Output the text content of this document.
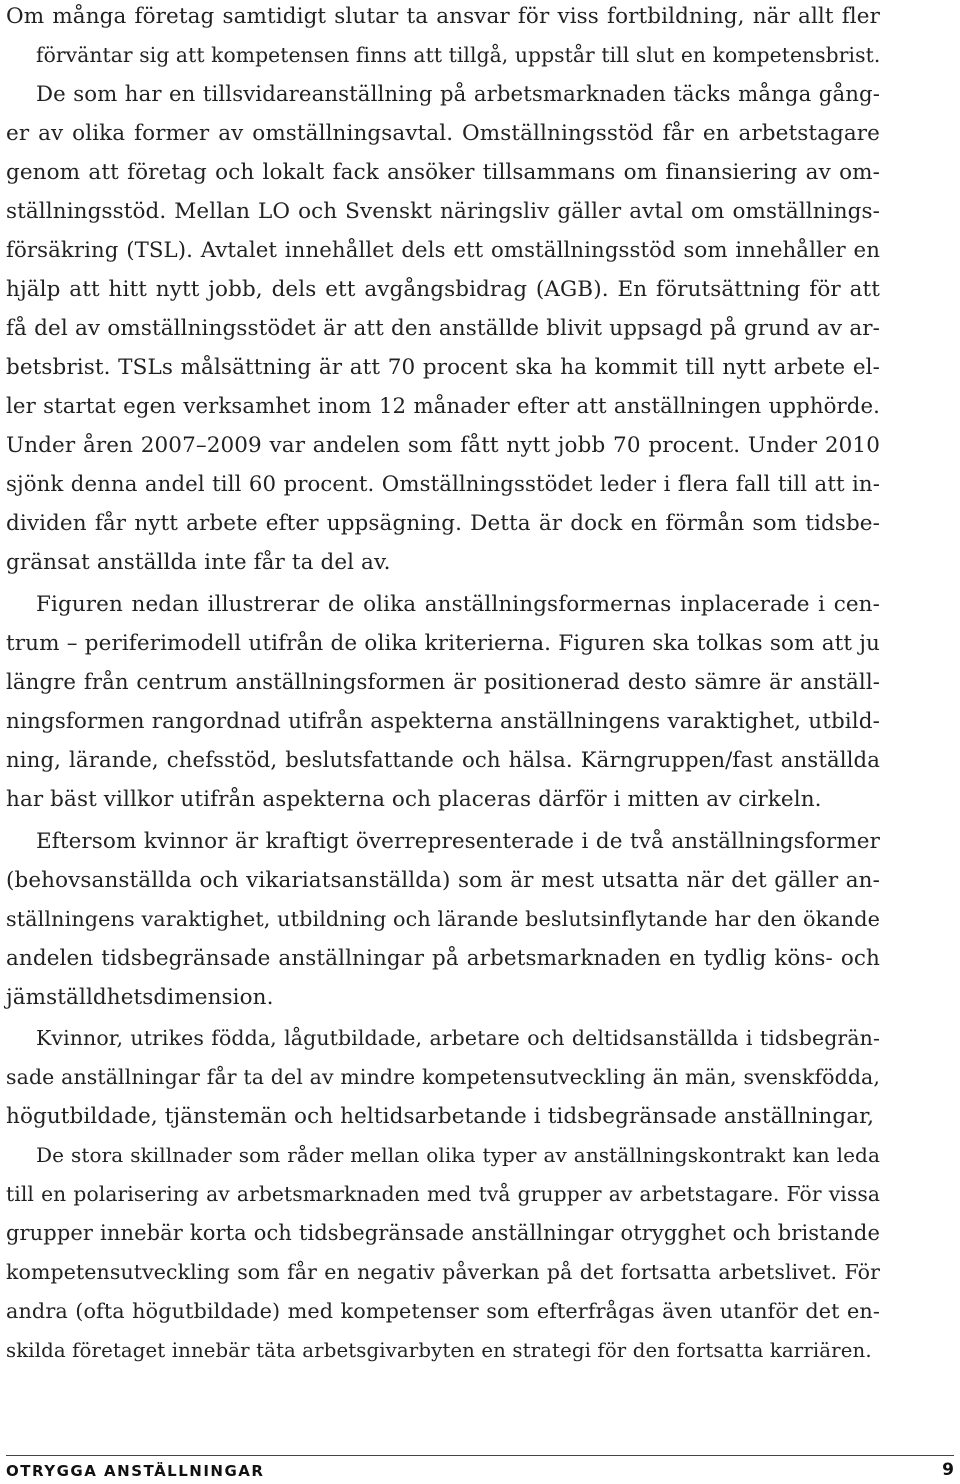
Om många företag samtidigt slutar ta ansvar för viss fortbildning, när allt fler
förväntar sig att kompetensen finns att tillgå, uppstår till slut en kompetensbrist.
De som har en tillsvidareanställning på arbetsmarknaden täcks många gång-
er av olika former av omställningsavtal. Omställningsstöd får en arbetstagare
genom att företag och lokalt fack ansöker tillsammans om finansiering av om-
ställningsstöd. Mellan LO och Svenskt näringsliv gäller avtal om omställnings-
försäkring (TSL). Avtalet innehållet dels ett omställningsstöd som innehåller en
hjälp att hitt nytt jobb, dels ett avgångsbidrag (AGB). En förutsättning för att
få del av omställningsstödet är att den anställde blivit uppsagd på grund av ar-
betsbrist. TSLs målsättning är att 70 procent ska ha kommit till nytt arbete el-
ler startat egen verksamhet inom 12 månader efter att anställningen upphörde.
Under åren 2007–2009 var andelen som fått nytt jobb 70 procent. Under 2010
sjönk denna andel till 60 procent. Omställningsstödet leder i flera fall till att in-
dividen får nytt arbete efter uppsägning. Detta är dock en förmån som tidsbe-
gränsat anställda inte får ta del av.
Figuren nedan illustrerar de olika anställningsformernas inplacerade i cen-
trum – periferimodell utifrån de olika kriterierna. Figuren ska tolkas som att ju
längre från centrum anställningsformen är positionerad desto sämre är anställ-
ningsformen rangordnad utifrån aspekterna anställningens varaktighet, utbild-
ning, lärande, chefsstöd, beslutsfattande och hälsa. Kärngruppen/fast anställda
har bäst villkor utifrån aspekterna och placeras därför i mitten av cirkeln.
Eftersom kvinnor är kraftigt överrepresenterade i de två anställningsformer
(behovsanställda och vikariatsanställda) som är mest utsatta när det gäller an-
ställningens varaktighet, utbildning och lärande beslutsinflytande har den ökande
andelen tidsbegränsade anställningar på arbetsmarknaden en tydlig köns- och
jämställdhetsdimension.
Kvinnor, utrikes födda, lågutbildade, arbetare och deltidsanställda i tidsbegrän-
sade anställningar får ta del av mindre kompetensutveckling än män, svenskfödda,
högutbildade, tjänstemän och heltidsarbetande i tidsbegränsade anställningar,
De stora skillnader som råder mellan olika typer av anställningskontrakt kan leda
till en polarisering av arbetsmarknaden med två grupper av arbetstagare. För vissa
grupper innebär korta och tidsbegränsade anställningar otrygghet och bristande
kompetensutveckling som får en negativ påverkan på det fortsatta arbetslivet. För
andra (ofta högutbildade) med kompetenser som efterfrågas även utanför det en-
skilda företaget innebär täta arbetsgivarbyten en strategi för den fortsatta karriären.
OTRYGGA ANSTÄLLNINGAR	9
